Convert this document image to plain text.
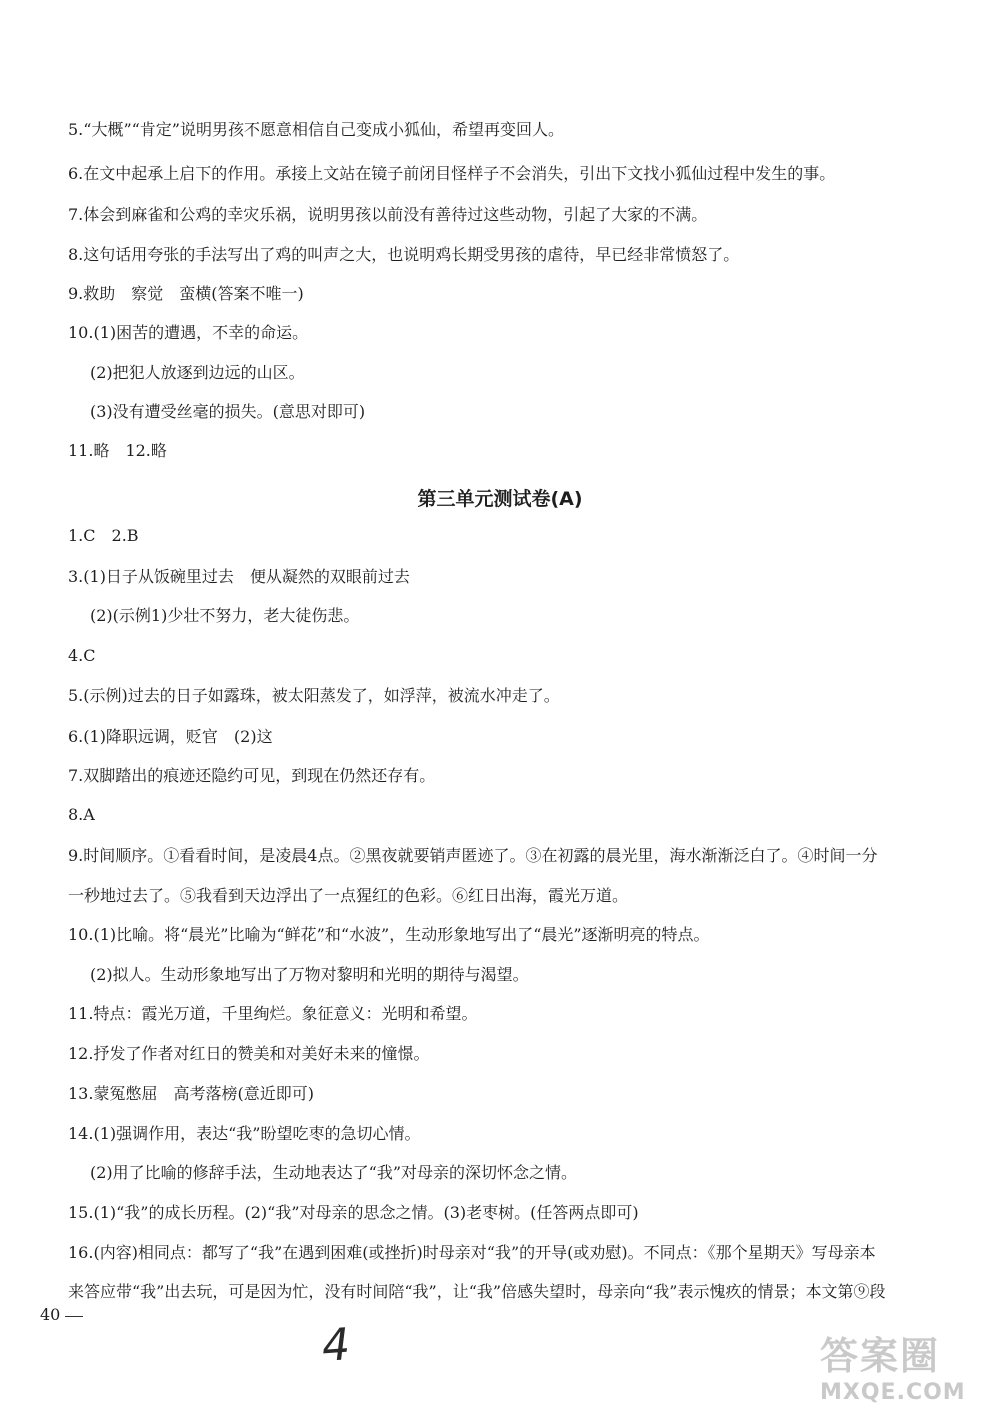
5.“大概”“肯定”说明男孩不愿意相信自己变成小狐仙，希望再变回人。
6.在文中起承上启下的作用。承接上文站在镜子前闭目怪样子不会消失，引出下文找小狐仙过程中发生的事。
7.体会到麻雀和公鸡的幸灾乐祸，说明男孩以前没有善待过这些动物，引起了大家的不满。
8.这句话用夸张的手法写出了鸡的叫声之大，也说明鸡长期受男孩的虐待，早已经非常愤怒了。
9.救助　察觉　蛮横(答案不唯一)
10.(1)困苦的遭遇，不幸的命运。
(2)把犯人放逐到边远的山区。
(3)没有遭受丝毫的损失。(意思对即可)
11.略　12.略
第三单元测试卷(A)
1.C　2.B
3.(1)日子从饭碗里过去　便从凝然的双眼前过去
(2)(示例1)少壮不努力，老大徒伤悲。
4.C
5.(示例)过去的日子如露珠，被太阳蒸发了，如浮萍，被流水冲走了。
6.(1)降职远调，贬官　(2)这
7.双脚踏出的痕迹还隐约可见，到现在仍然还存有。
8.A
9.时间顺序。①看看时间，是凌晨4点。②黑夜就要销声匿迹了。③在初露的晨光里，海水渐渐泛白了。④时间一分
一秒地过去了。⑤我看到天边浮出了一点猩红的色彩。⑥红日出海，霞光万道。
10.(1)比喻。将“晨光”比喻为“鲜花”和“水波”，生动形象地写出了“晨光”逐渐明亮的特点。
(2)拟人。生动形象地写出了万物对黎明和光明的期待与渴望。
11.特点：霞光万道，千里绚烂。象征意义：光明和希望。
12.抒发了作者对红日的赞美和对美好未来的憧憬。
13.蒙冤憋屈　高考落榜(意近即可)
14.(1)强调作用，表达“我”盼望吃枣的急切心情。
(2)用了比喻的修辞手法，生动地表达了“我”对母亲的深切怀念之情。
15.(1)“我”的成长历程。(2)“我”对母亲的思念之情。(3)老枣树。(任答两点即可)
16.(内容)相同点：都写了“我”在遇到困难(或挫折)时母亲对“我”的开导(或劝慰)。不同点：《那个星期天》写母亲本
来答应带“我”出去玩，可是因为忙，没有时间陪“我”，让“我”倍感失望时，母亲向“我”表示愧疚的情景；本文第⑨段
40
4	答案圈
MXQE.COM
